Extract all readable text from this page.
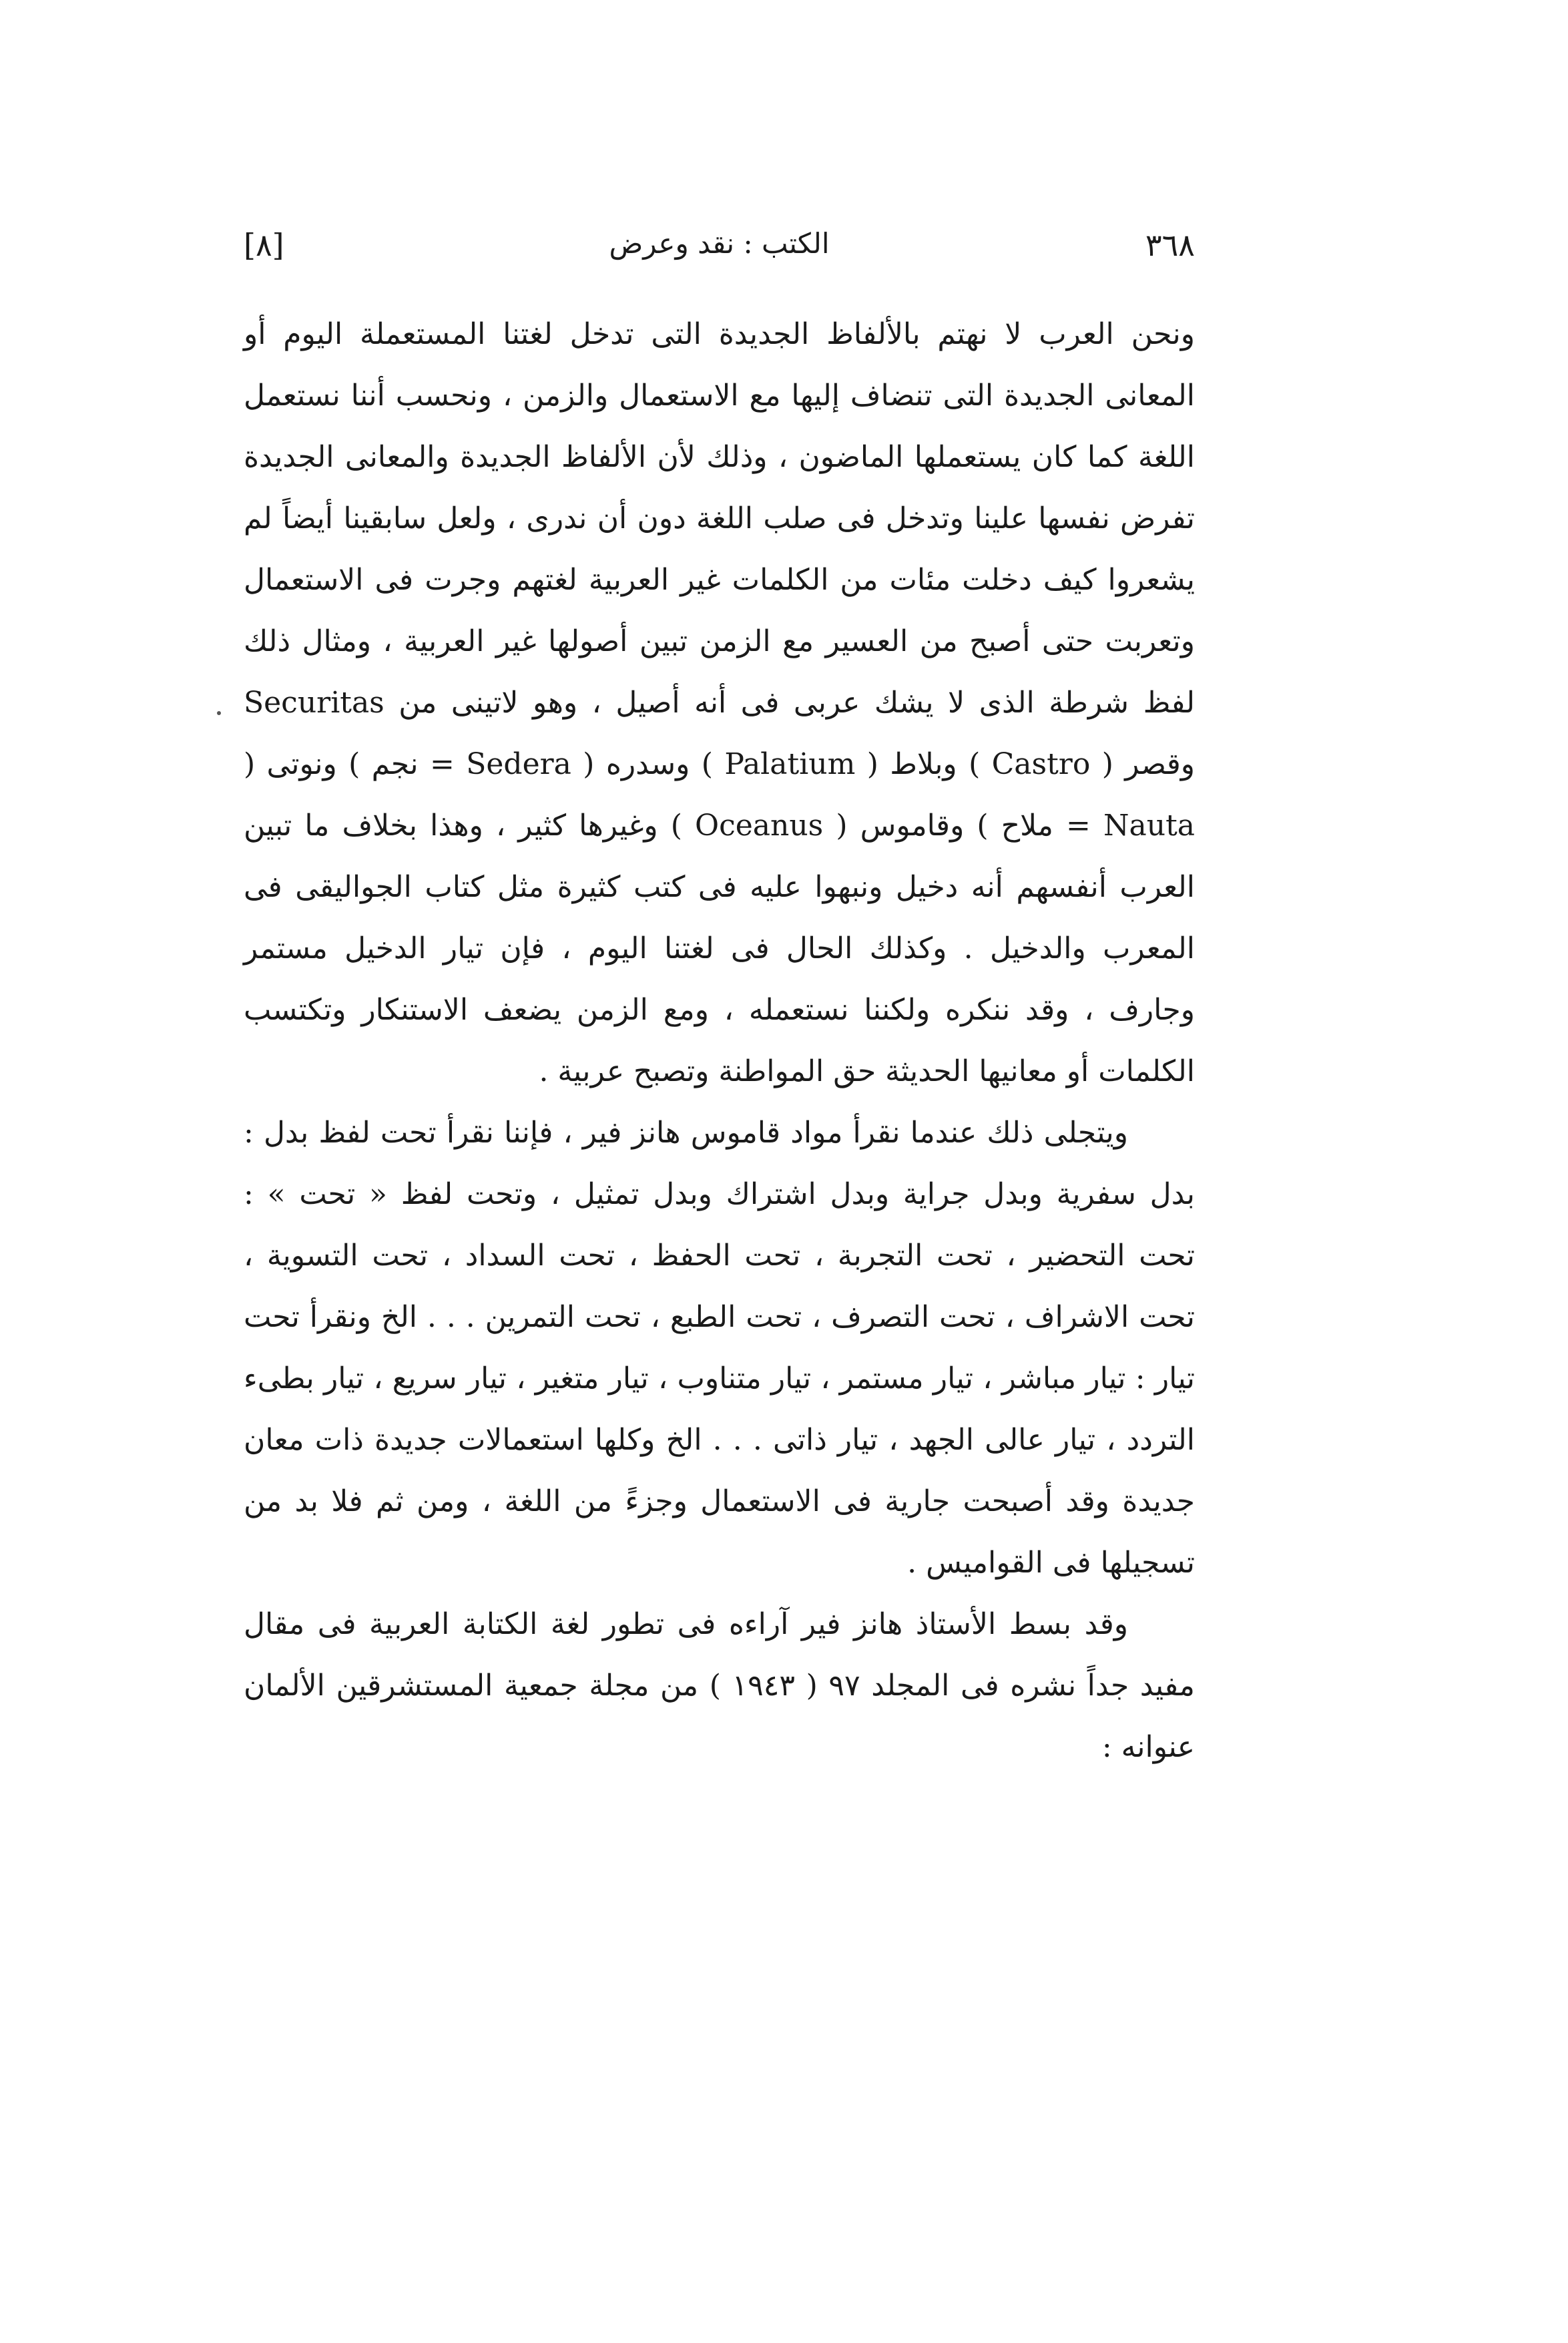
٣٦٨
الكتب : نقد وعرض
[٨]

ونحن العرب لا نهتم بالألفاظ الجديدة التى تدخل لغتنا المستعملة اليوم أو المعانى الجديدة التى تنضاف إليها مع الاستعمال والزمن ، ونحسب أننا نستعمل اللغة كما كان يستعملها الماضون ، وذلك لأن الألفاظ الجديدة والمعانى الجديدة تفرض نفسها علينا وتدخل فى صلب اللغة دون أن ندرى ، ولعل سابقينا أيضاً لم يشعروا كيف دخلت مئات من الكلمات غير العربية لغتهم وجرت فى الاستعمال وتعربت حتى أصبح من العسير مع الزمن تبين أصولها غير العربية ، ومثال ذلك لفظ شرطة الذى لا يشك عربى فى أنه أصيل ، وهو لاتينى من Securitas وقصر ( Castro ) وبلاط ( Palatium ) وسدره ( Sedera = نجم ) ونوتى ( Nauta = ملاح ) وقاموس ( Oceanus ) وغيرها كثير ، وهذا بخلاف ما تبين العرب أنفسهم أنه دخيل ونبهوا عليه فى كتب كثيرة مثل كتاب الجواليقى فى المعرب والدخيل . وكذلك الحال فى لغتنا اليوم ، فإن تيار الدخيل مستمر وجارف ، وقد ننكره ولكننا نستعمله ، ومع الزمن يضعف الاستنكار وتكتسب الكلمات أو معانيها الحديثة حق المواطنة وتصبح عربية .

ويتجلى ذلك عندما نقرأ مواد قاموس هانز فير ، فإننا نقرأ تحت لفظ بدل : بدل سفرية وبدل جراية وبدل اشتراك وبدل تمثيل ، وتحت لفظ « تحت » : تحت التحضير ، تحت التجربة ، تحت الحفظ ، تحت السداد ، تحت التسوية ، تحت الاشراف ، تحت التصرف ، تحت الطبع ، تحت التمرين . . . الخ ونقرأ تحت تيار : تيار مباشر ، تيار مستمر ، تيار متناوب ، تيار متغير ، تيار سريع ، تيار بطىء التردد ، تيار عالى الجهد ، تيار ذاتى . . . الخ وكلها استعمالات جديدة ذات معان جديدة وقد أصبحت جارية فى الاستعمال وجزءً من اللغة ، ومن ثم فلا بد من تسجيلها فى القواميس .

وقد بسط الأستاذ هانز فير آراءه فى تطور لغة الكتابة العربية فى مقال مفيد جداً نشره فى المجلد ٩٧ ( ١٩٤٣ ) من مجلة جمعية المستشرقين الألمان عنوانه :
